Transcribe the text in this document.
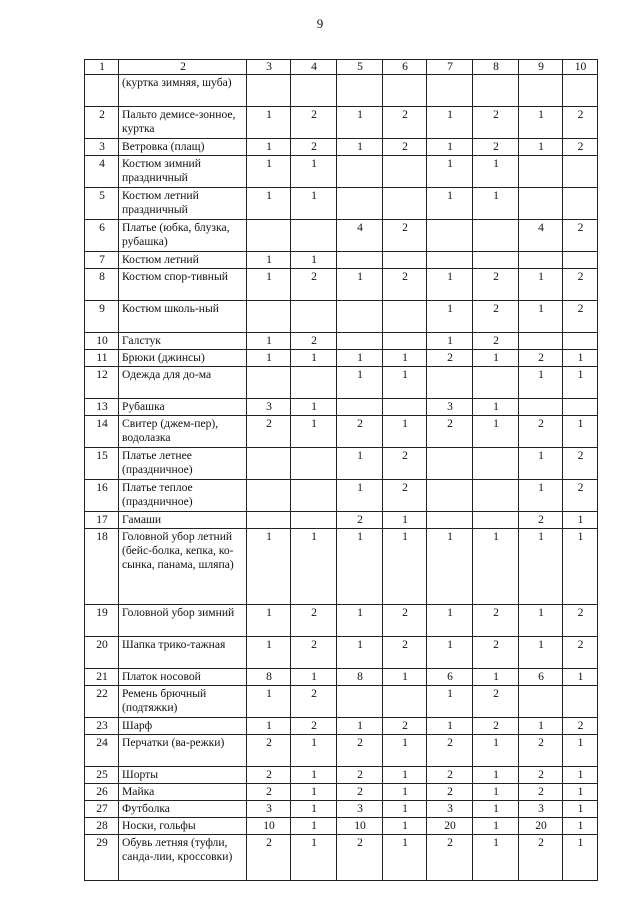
9
1	2	3	4	5	6	7	8	9	10
	(куртка зимняя, шуба)								
2	Пальто демисе-зонное, куртка	1	2	1	2	1	2	1	2
3	Ветровка (плащ)	1	2	1	2	1	2	1	2
4	Костюм зимний праздничный	1	1			1	1		
5	Костюм летний праздничный	1	1			1	1		
6	Платье (юбка, блузка, рубашка)			4	2			4	2
7	Костюм летний	1	1						
8	Костюм спор-тивный	1	2	1	2	1	2	1	2
9	Костюм школь-ный					1	2	1	2
10	Галстук	1	2			1	2		
11	Брюки (джинсы)	1	1	1	1	2	1	2	1
12	Одежда для до-ма			1	1			1	1
13	Рубашка	3	1			3	1		
14	Свитер (джем-пер), водолазка	2	1	2	1	2	1	2	1
15	Платье летнее (праздничное)			1	2			1	2
16	Платье теплое (праздничное)			1	2			1	2
17	Гамаши			2	1			2	1
18	Головной убор летний (бейс-болка, кепка, ко-сынка, панама, шляпа)	1	1	1	1	1	1	1	1
19	Головной убор зимний	1	2	1	2	1	2	1	2
20	Шапка трико-тажная	1	2	1	2	1	2	1	2
21	Платок носовой	8	1	8	1	6	1	6	1
22	Ремень брючный (подтяжки)	1	2			1	2		
23	Шарф	1	2	1	2	1	2	1	2
24	Перчатки (ва-режки)	2	1	2	1	2	1	2	1
25	Шорты	2	1	2	1	2	1	2	1
26	Майка	2	1	2	1	2	1	2	1
27	Футболка	3	1	3	1	3	1	3	1
28	Носки, гольфы	10	1	10	1	20	1	20	1
29	Обувь летняя (туфли, санда-лии, кроссовки)	2	1	2	1	2	1	2	1
